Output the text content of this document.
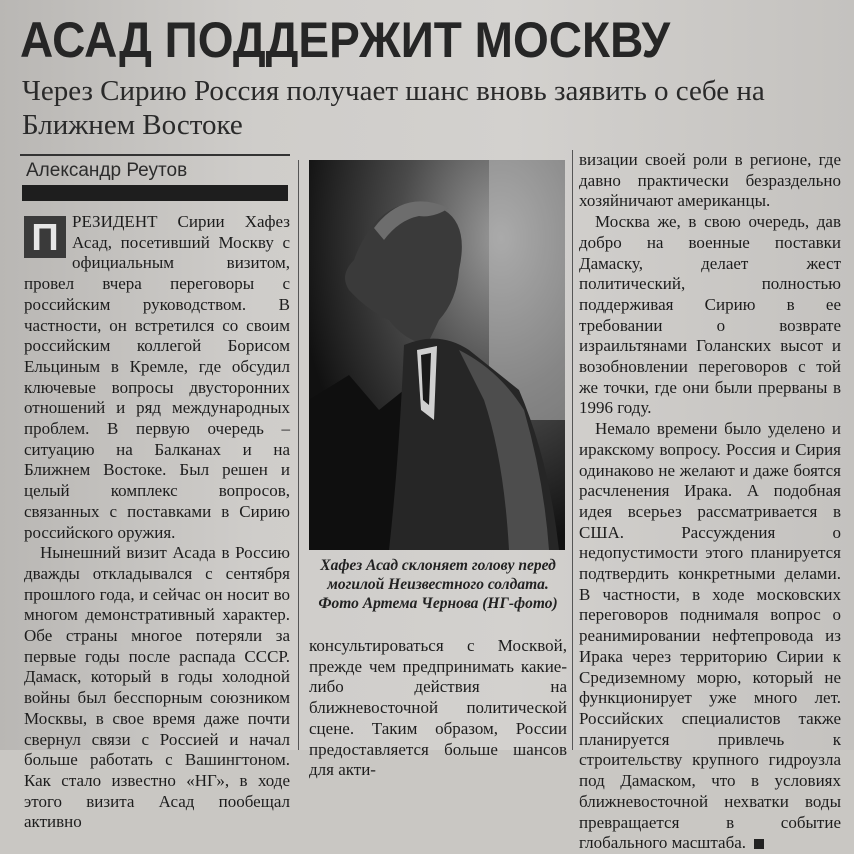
АСАД ПОДДЕРЖИТ МОСКВУ
Через Сирию Россия получает шанс вновь заявить о себе на Ближнем Востоке
Александр Реутов

П РЕЗИДЕНТ Сирии Хафез Асад, посетивший Москву с официальным визитом, провел вчера переговоры с российским руководством. В частности, он встретился со своим российским коллегой Борисом Ельциным в Кремле, где обсудил ключевые вопросы двусторонних отношений и ряд международных проблем. В первую очередь – ситуацию на Балканах и на Ближнем Востоке. Был решен и целый комплекс вопросов, связанных с поставками в Сирию российского оружия.

Нынешний визит Асада в Россию дважды откладывался с сентября прошлого года, и сейчас он носит во многом демонстративный характер. Обе страны многое потеряли за первые годы после распада СССР. Дамаск, который в годы холодной войны был бесспорным союзником Москвы, в свое время даже почти свернул связи с Россией и начал больше работать с Вашингтоном. Как стало известно «НГ», в ходе этого визита Асад пообещал активно

Хафез Асад склоняет голову перед могилой Неизвестного солдата.
Фото Артема Чернова (НГ-фото)

консультироваться с Москвой, прежде чем предпринимать какие-либо действия на ближневосточной политической сцене. Таким образом, России предоставляется больше шансов для акти-

визации своей роли в регионе, где давно практически безраздельно хозяйничают американцы.

Москва же, в свою очередь, дав добро на военные поставки Дамаску, делает жест политический, полностью поддерживая Сирию в ее требовании о возврате израильтянами Голанских высот и возобновлении переговоров с той же точки, где они были прерваны в 1996 году.

Немало времени было уделено и иракскому вопросу. Россия и Сирия одинаково не желают и даже боятся расчленения Ирака. А подобная идея всерьез рассматривается в США. Рассуждения о недопустимости этого планируется подтвердить конкретными делами. В частности, в ходе московских переговоров поднималя вопрос о реанимировании нефтепровода из Ирака через территорию Сирии к Средиземному морю, который не функционирует уже много лет. Российских специалистов также планируется привлечь к строительству крупного гидроузла под Дамаском, что в условиях ближневосточной нехватки воды превращается в событие глобального масштаба.
